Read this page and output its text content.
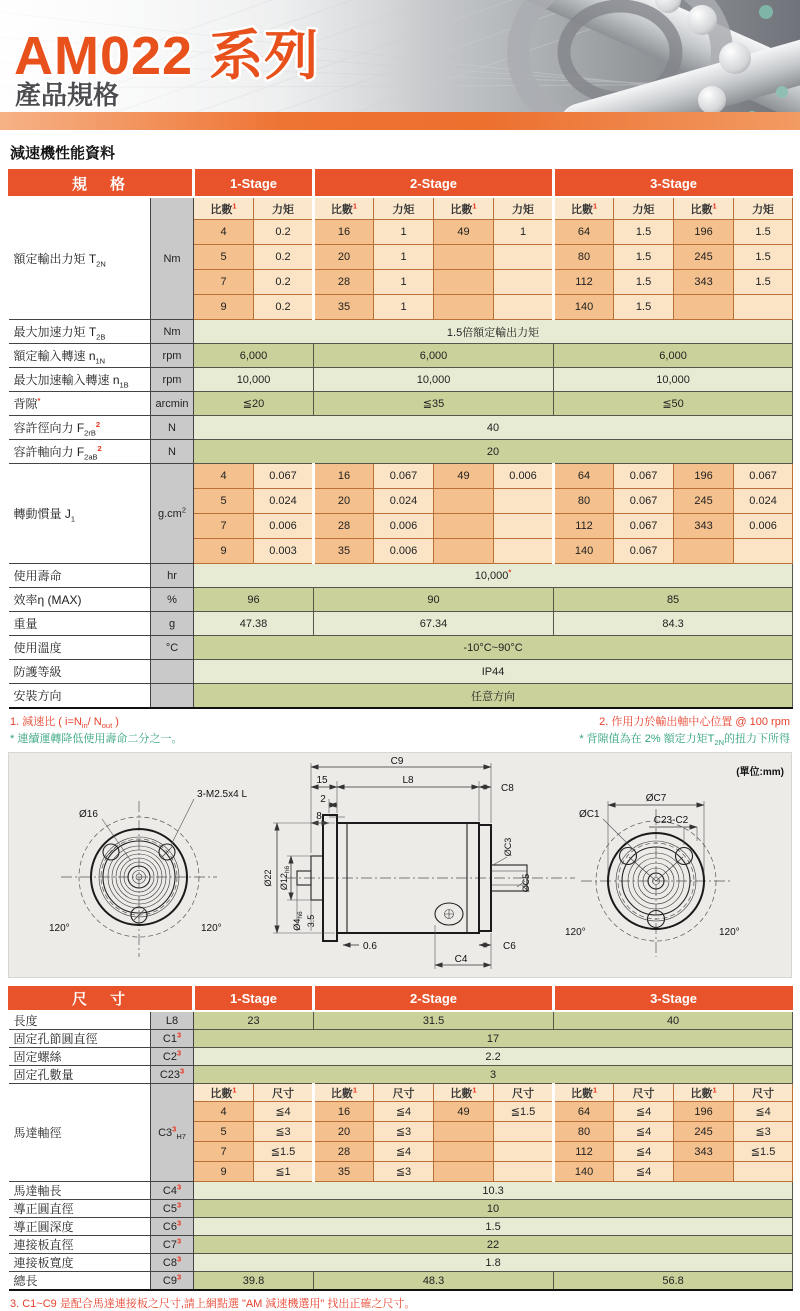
AM022 系列
產品規格
減速機性能資料
規　格		1-Stage		2-Stage				3-Stage			
額定輸出力矩 $T_{2N}$	Nm	比數$^1$	力矩	比數$^1$	力矩	比數$^1$	力矩	比數$^1$	力矩	比數$^1$	力矩
		4	0.2	16	1	49	1	64	1.5	196	1.5
		5	0.2	20	1			80	1.5	245	1.5
		7	0.2	28	1			112	1.5	343	1.5
		9	0.2	35	1			140	1.5		
最大加速力矩 $T_{2B}$	Nm	1.5倍額定輸出力矩									
額定輸入轉速 $n_{1N}$	rpm	6,000		6,000				6,000			
最大加速輸入轉速 $n_{1B}$	rpm	10,000		10,000				10,000			
背隙*	arcmin	≦20		≦35				≦50			
容許徑向力 $F_{2rB}^2$	N	40									
容許軸向力 $F_{2aB}^2$	N	20									
轉動慣量 $J_1$	$g.cm^2$	4	0.067	16	0.067	49	0.006	64	0.067	196	0.067
		5	0.024	20	0.024			80	0.067	245	0.024
		7	0.006	28	0.006			112	0.067	343	0.006
		9	0.003	35	0.006			140	0.067		
使用壽命	hr	10,000*
效率η (MAX)	%	96		90				85			
重量	g	47.38		67.34				84.3			
使用溫度	°C	-10°C~90°C									
防護等級		IP44									
安裝方向		任意方向									
1. 減速比 ( $i=N_{in}/$ $N_{out}$ )
* 連續運轉降低使用壽命二分之一。
2. 作用力於輸出軸中心位置 @ 100 rpm
* 背隙值為在 2% 額定力矩$T_{2N}$的扭力下所得
(單位:mm)
Ø16
3-M2.5x4 L
120°	120°
C9
15	L8
C8
2
8
Ø22 $Ø12_{h6}$
$Ø4_{h6}$ 3.5
0.6
ØC3
ØC5
C6
C4
ØC7
ØC1
C23-C2
120°	120°
尺　寸		1-Stage		2-Stage				3-Stage			
長度	L8	23		31.5				40			
固定孔節圓直徑	$C1^3$	17									
固定螺絲	$C2^3$	2.2									
固定孔數量	$C23^3$	3									
馬達軸徑	$C3^3_{H7}$	比數$^1$	尺寸	比數$^1$	尺寸	比數$^1$	尺寸	比數$^1$	尺寸	比數$^1$	尺寸
		4	≦4	16	≦4	49	≦1.5	64	≦4	196	≦4
		5	≦3	20	≦3			80	≦4	245	≦3
		7	≦1.5	28	≦4			112	≦4	343	≦1.5
		9	≦1	35	≦3			140	≦4		
馬達軸長	$C4^3$	10.3									
導正圓直徑	$C5^3$	10									
導正圓深度	$C6^3$	1.5									
連接板直徑	$C7^3$	22									
連接板寬度	$C8^3$	1.8									
總長	$C9^3$	39.8		48.3				56.8			
3. C1~C9 是配合馬達連接板之尺寸,請上網點選 "AM 減速機選用" 找出正確之尺寸。
